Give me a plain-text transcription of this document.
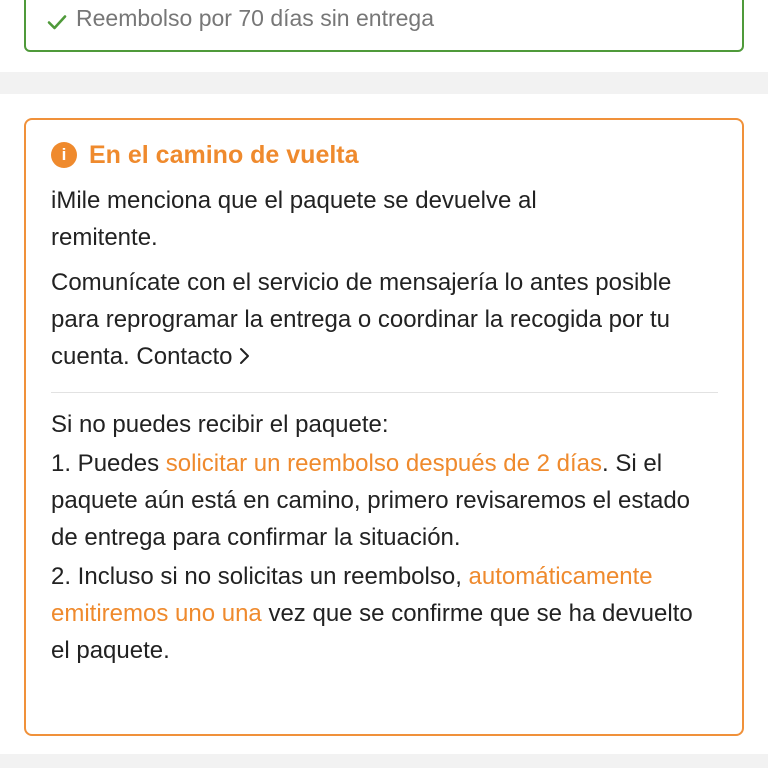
Reembolso por 70 días sin entrega
i En el camino de vuelta
iMile menciona que el paquete se devuelve al
remitente.
Comunícate con el servicio de mensajería lo antes posible para reprogramar la entrega o coordinar la recogida por tu cuenta. Contacto
Si no puedes recibir el paquete:
1. Puedes solicitar un reembolso después de 2 días. Si el paquete aún está en camino, primero revisaremos el estado de entrega para confirmar la situación.
2. Incluso si no solicitas un reembolso, automáticamente emitiremos uno una vez que se confirme que se ha devuelto el paquete.
